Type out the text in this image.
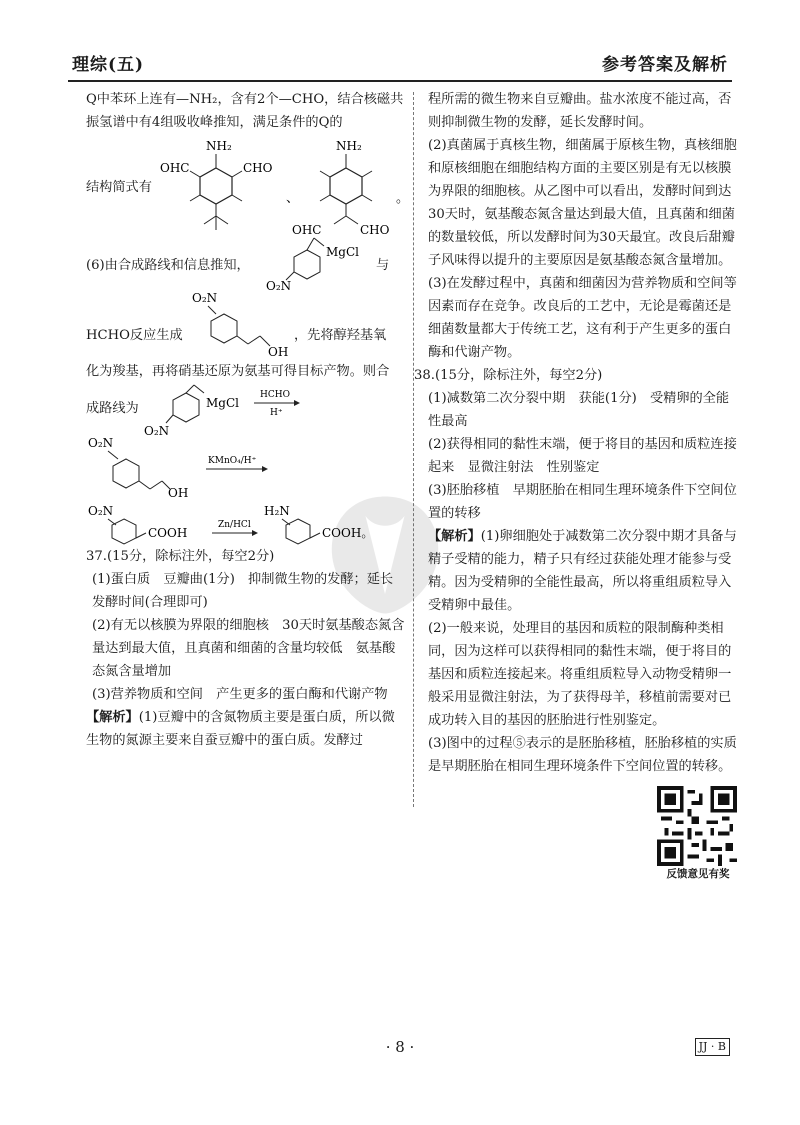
理综(五)	参考答案及解析

Q中苯环上连有—NH₂，含有2个—CHO，结合核磁共振氢谱中有4组吸收峰推知，满足条件的Q的

结构简式有
NH₂
OHC	CHO
、
NH₂
OHC	CHO
。
(6)由合成路线和信息推知，
MgCl
O₂N
与
O₂N
OH
HCHO反应生成	，先将醇羟基氧

化为羧基，再将硝基还原为氨基可得目标产物。则合

成路线为	MgCl
O₂N
HCHO
H⁺
O₂N
OH
KMnO₄/H⁺
O₂N
COOH
Zn/HCl
H₂N
COOH。

37.(15分，除标注外，每空2分)

(1)蛋白质　豆瓣曲(1分)　抑制微生物的发酵；延长发酵时间(合理即可)

(2)有无以核膜为界限的细胞核　30天时氨基酸态氮含量达到最大值，且真菌和细菌的含量均较低　氨基酸态氮含量增加

(3)营养物质和空间　产生更多的蛋白酶和代谢产物

【解析】(1)豆瓣中的含氮物质主要是蛋白质，所以微生物的氮源主要来自蚕豆瓣中的蛋白质。发酵过

程所需的微生物来自豆瓣曲。盐水浓度不能过高，否则抑制微生物的发酵，延长发酵时间。

(2)真菌属于真核生物，细菌属于原核生物，真核细胞和原核细胞在细胞结构方面的主要区别是有无以核膜为界限的细胞核。从乙图中可以看出，发酵时间到达30天时，氨基酸态氮含量达到最大值，且真菌和细菌的数量较低，所以发酵时间为30天最宜。改良后甜瓣子风味得以提升的主要原因是氨基酸态氮含量增加。

(3)在发酵过程中，真菌和细菌因为营养物质和空间等因素而存在竞争。改良后的工艺中，无论是霉菌还是细菌数量都大于传统工艺，这有利于产生更多的蛋白酶和代谢产物。

38.(15分，除标注外，每空2分)

(1)减数第二次分裂中期　获能(1分)　受精卵的全能性最高

(2)获得相同的黏性末端，便于将目的基因和质粒连接起来　显微注射法　性别鉴定

(3)胚胎移植　早期胚胎在相同生理环境条件下空间位置的转移

【解析】(1)卵细胞处于减数第二次分裂中期才具备与精子受精的能力，精子只有经过获能处理才能参与受精。因为受精卵的全能性最高，所以将重组质粒导入受精卵中最佳。

(2)一般来说，处理目的基因和质粒的限制酶种类相同，因为这样可以获得相同的黏性末端，便于将目的基因和质粒连接起来。将重组质粒导入动物受精卵一般采用显微注射法，为了获得母羊，移植前需要对已成功转入目的基因的胚胎进行性别鉴定。

(3)图中的过程⑤表示的是胚胎移植，胚胎移植的实质是早期胚胎在相同生理环境条件下空间位置的转移。

反馈意见有奖
· 8 ·	JJ · B
